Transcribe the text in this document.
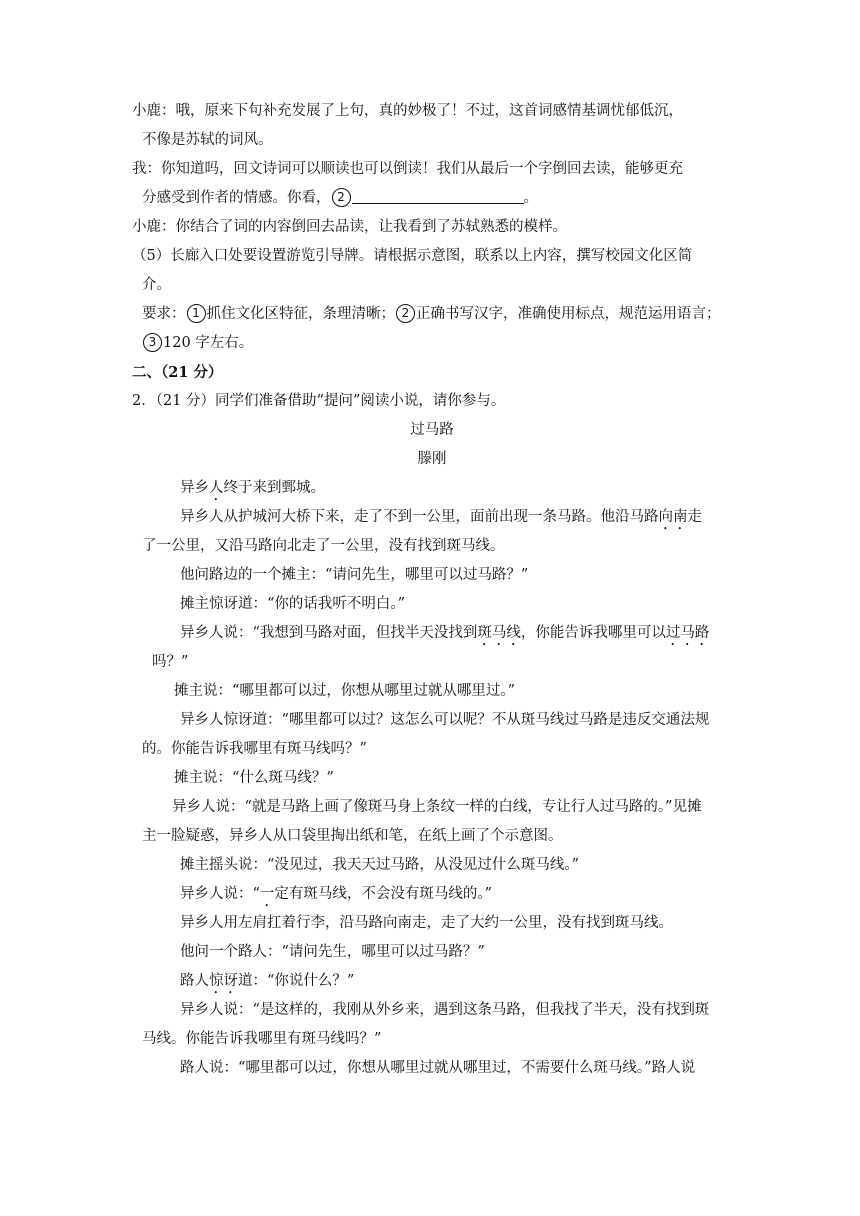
小鹿：哦，原来下句补充发展了上句，真的妙极了！不过，这首词感情基调忧郁低沉，

不像是苏轼的词风。

我：你知道吗，回文诗词可以顺读也可以倒读！我们从最后一个字倒回去读，能够更充

分感受到作者的情感。你看， 2	。

小鹿：你结合了词的内容倒回去品读，让我看到了苏轼熟悉的模样。

（5）长廊入口处要设置游览引导牌。请根据示意图，联系以上内容，撰写校园文化区简

介。

要求： 1 抓住文化区特征，条理清晰； 2 正确书写汉字，准确使用标点，规范运用语言；

3 120 字左右。

二、（21 分）

2．（21 分）同学们准备借助“提问”阅读小说，请你参与。

过马路

滕刚

异乡人终于来到鄄城。

异乡人从护城河大桥下来，走了不到一公里，面前出现一条马路。他沿马路向南走

了一公里，又沿马路向北走了一公里，没有找到斑马线。

他问路边的一个摊主：“请问先生，哪里可以过马路？”

摊主惊讶道：“你的话我听不明白。”

异乡人说：“我想到马路对面，但找半天没找到斑马线，你能告诉我哪里可以过马路

吗？”

摊主说：“哪里都可以过，你想从哪里过就从哪里过。”

异乡人惊讶道：“哪里都可以过？这怎么可以呢？不从斑马线过马路是违反交通法规

的。你能告诉我哪里有斑马线吗？”

摊主说：“什么斑马线？”

异乡人说：“就是马路上画了像斑马身上条纹一样的白线，专让行人过马路的。”见摊

主一脸疑惑，异乡人从口袋里掏出纸和笔，在纸上画了个示意图。

摊主摇头说：“没见过，我天天过马路，从没见过什么斑马线。”

异乡人说：“一定有斑马线，不会没有斑马线的。”

异乡人用左肩扛着行李，沿马路向南走，走了大约一公里，没有找到斑马线。

他问一个路人：“请问先生，哪里可以过马路？”

路人惊讶道：“你说什么？”

异乡人说：“是这样的，我刚从外乡来，遇到这条马路，但我找了半天，没有找到斑

马线。你能告诉我哪里有斑马线吗？”

路人说：“哪里都可以过，你想从哪里过就从哪里过，不需要什么斑马线。”路人说
